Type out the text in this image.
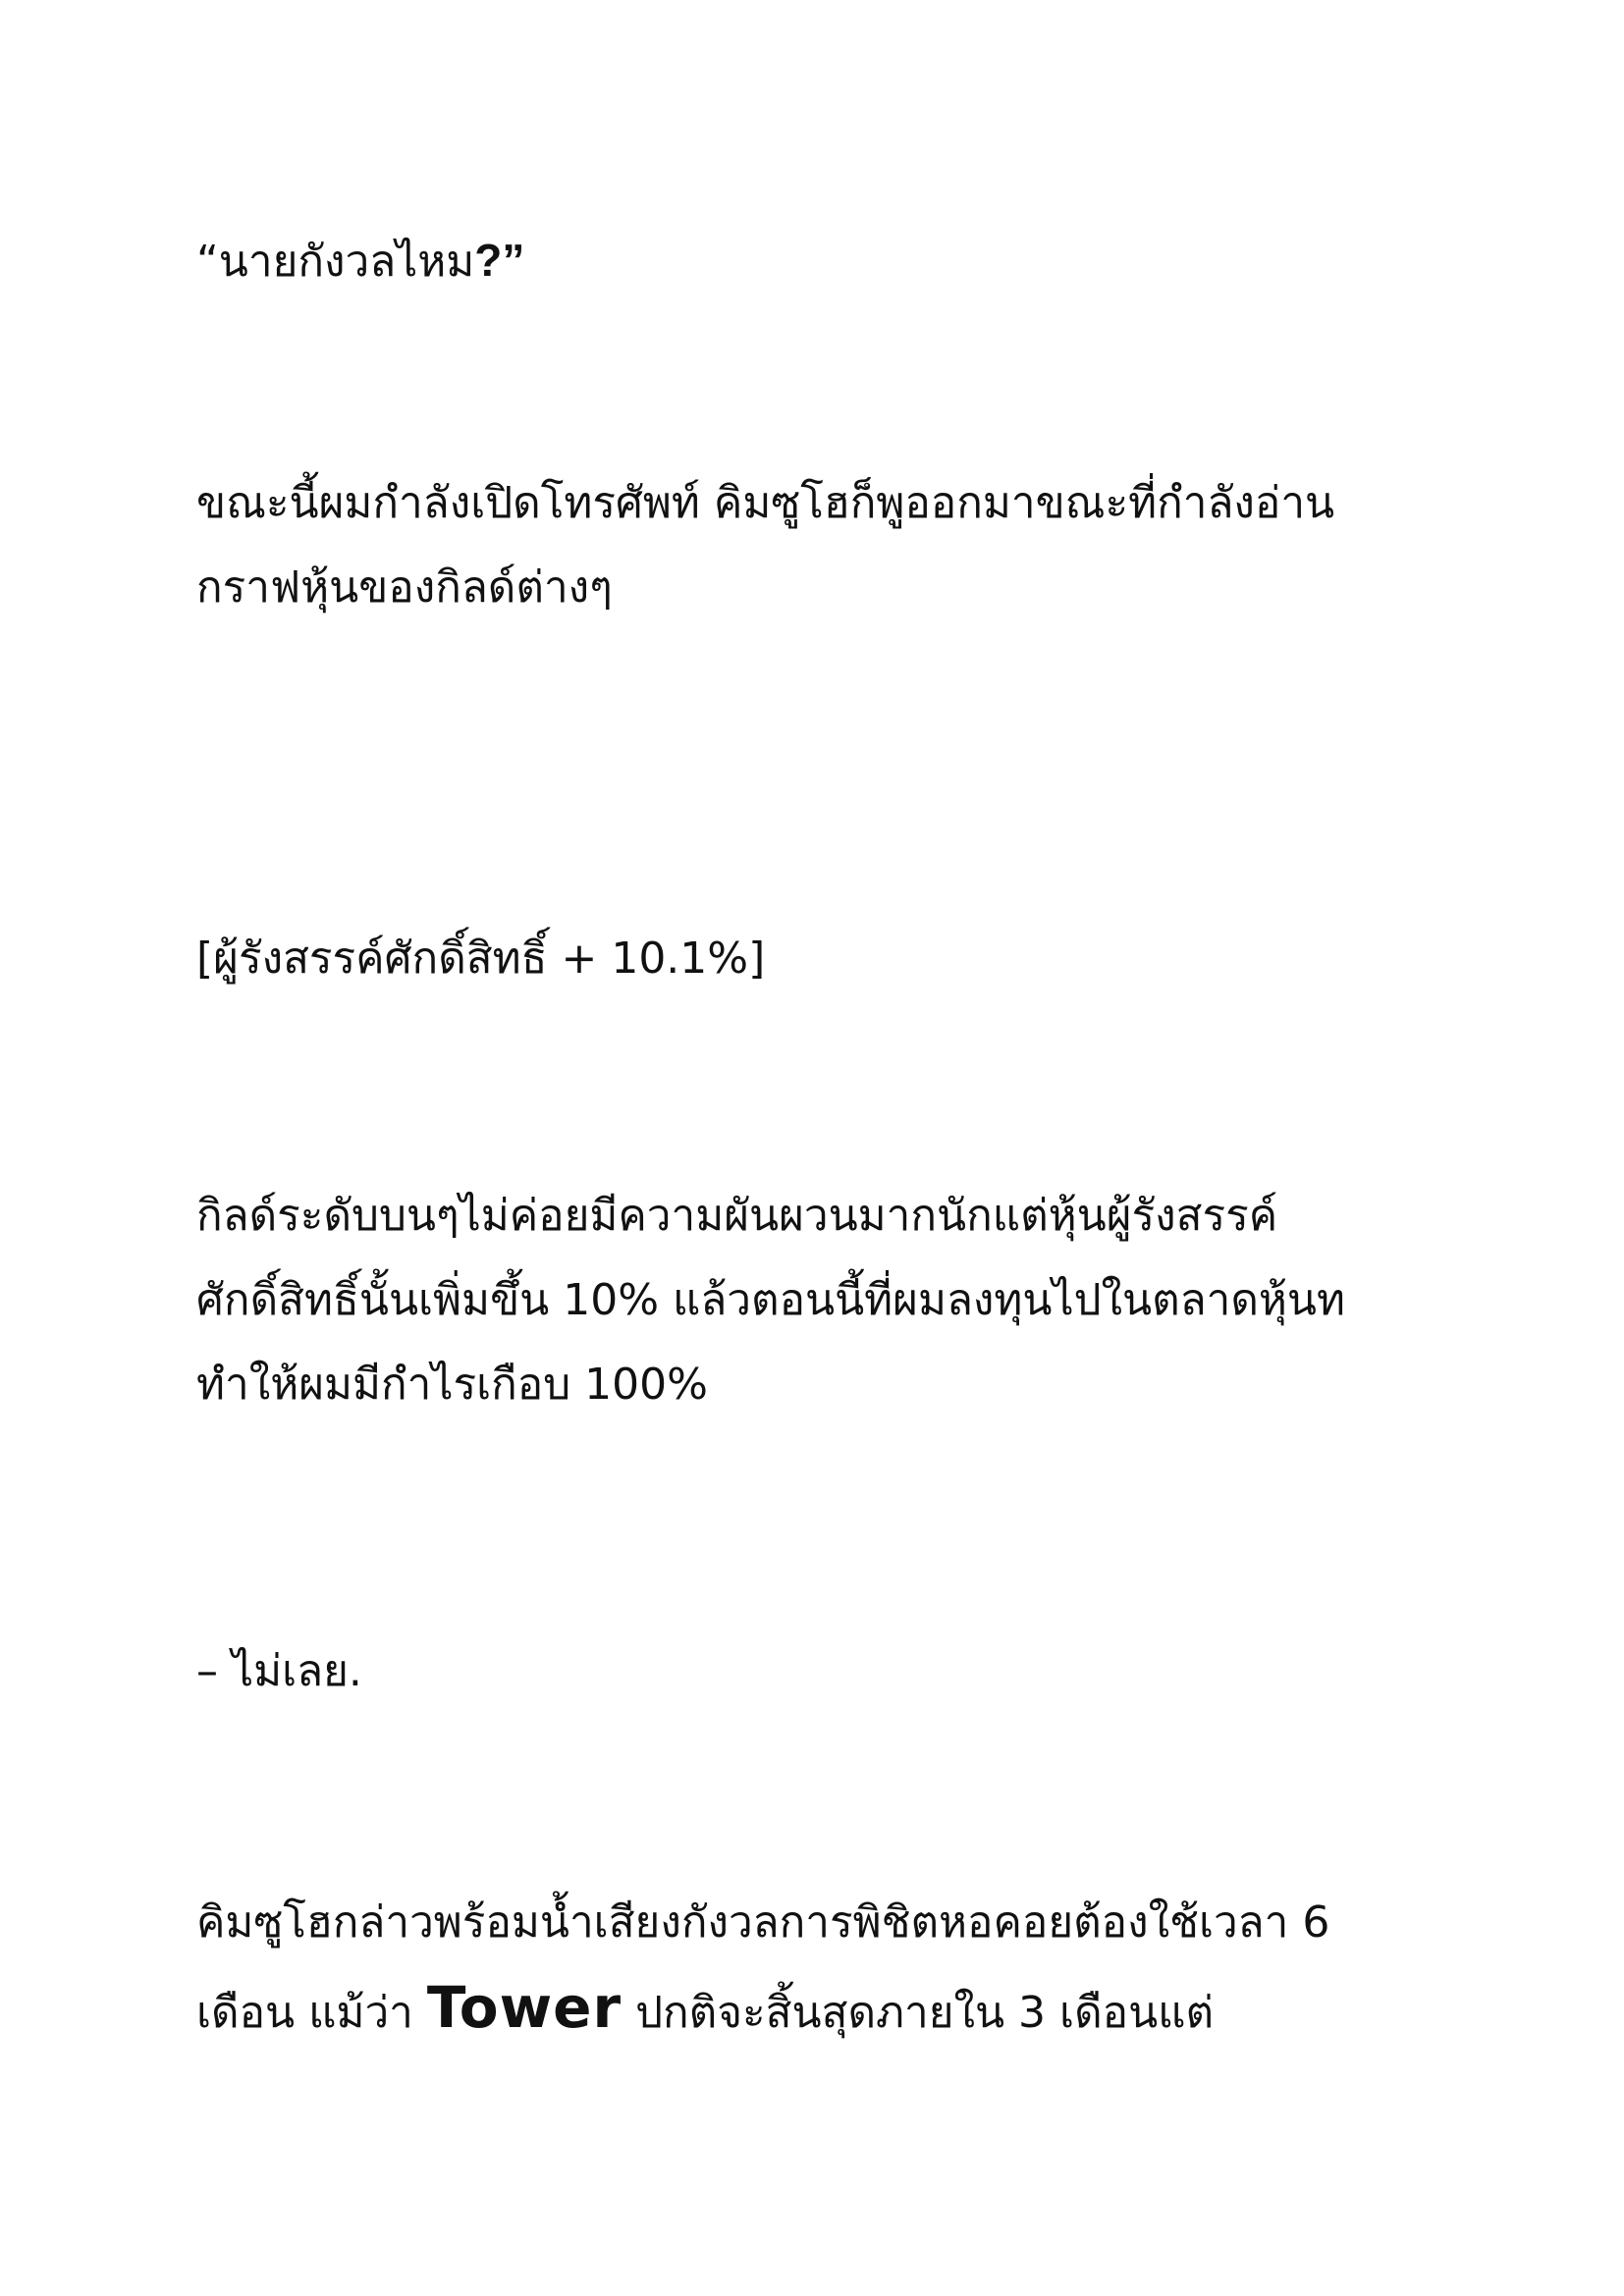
“นายกังวลไหม?”

ขณะนี้ผมกำลังเปิดโทรศัพท์ คิมซูโฮก็พูออกมาขณะที่กำลังอ่าน
กราฟหุ้นของกิลด์ต่างๆ

[ผู้รังสรรค์ศักดิ์สิทธิ์ + 10.1%]

กิลด์ระดับบนๆไม่ค่อยมีความผันผวนมากนักแต่หุ้นผู้รังสรรค์
ศักดิ์สิทธิ์นั้นเพิ่มขึ้น 10% แล้วตอนนี้ที่ผมลงทุนไปในตลาดหุ้นท
ทำให้ผมมีกำไรเกือบ 100%

– ไม่เลย.

คิมซูโฮกล่าวพร้อมน้ำเสียงกังวลการพิชิตหอคอยต้องใช้เวลา 6
เดือน แม้ว่า Tower ปกติจะสิ้นสุดภายใน 3 เดือนแต่
